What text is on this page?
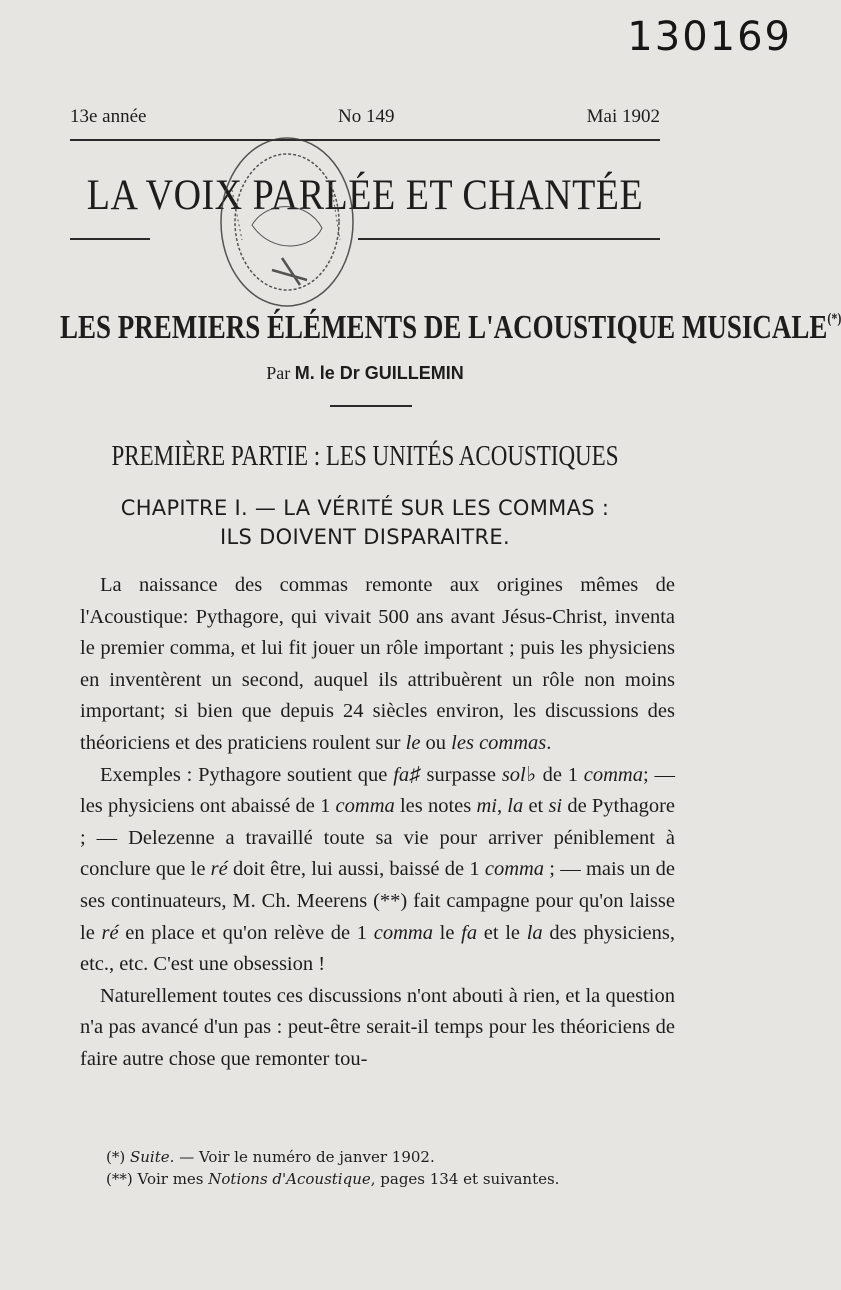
130169
13e année	No 149	Mai 1902
LA VOIX PARLÉE ET CHANTÉE
LES PREMIERS ÉLÉMENTS DE L'ACOUSTIQUE MUSICALE(*)
Par M. le Dr GUILLEMIN
PREMIÈRE PARTIE : LES UNITÉS ACOUSTIQUES
CHAPITRE I. — LA VÉRITÉ SUR LES COMMAS :
ILS DOIVENT DISPARAITRE.

La naissance des commas remonte aux origines mêmes de l'Acoustique: Pythagore, qui vivait 500 ans avant Jésus-Christ, inventa le premier comma, et lui fit jouer un rôle important ; puis les physiciens en inventèrent un second, auquel ils attribuèrent un rôle non moins important; si bien que depuis 24 siècles environ, les discussions des théoriciens et des praticiens roulent sur le ou les commas.

Exemples : Pythagore soutient que fa♯ surpasse sol♭ de 1 comma; — les physiciens ont abaissé de 1 comma les notes mi, la et si de Pythagore ; — Delezenne a travaillé toute sa vie pour arriver péniblement à conclure que le ré doit être, lui aussi, baissé de 1 comma ; — mais un de ses continuateurs, M. Ch. Meerens (**) fait campagne pour qu'on laisse le ré en place et qu'on relève de 1 comma le fa et le la des physiciens, etc., etc. C'est une obsession !

Naturellement toutes ces discussions n'ont abouti à rien, et la question n'a pas avancé d'un pas : peut-être serait-il temps pour les théoriciens de faire autre chose que remonter tou-

(*) Suite. — Voir le numéro de janver 1902.
(**) Voir mes Notions d'Acoustique, pages 134 et suivantes.
